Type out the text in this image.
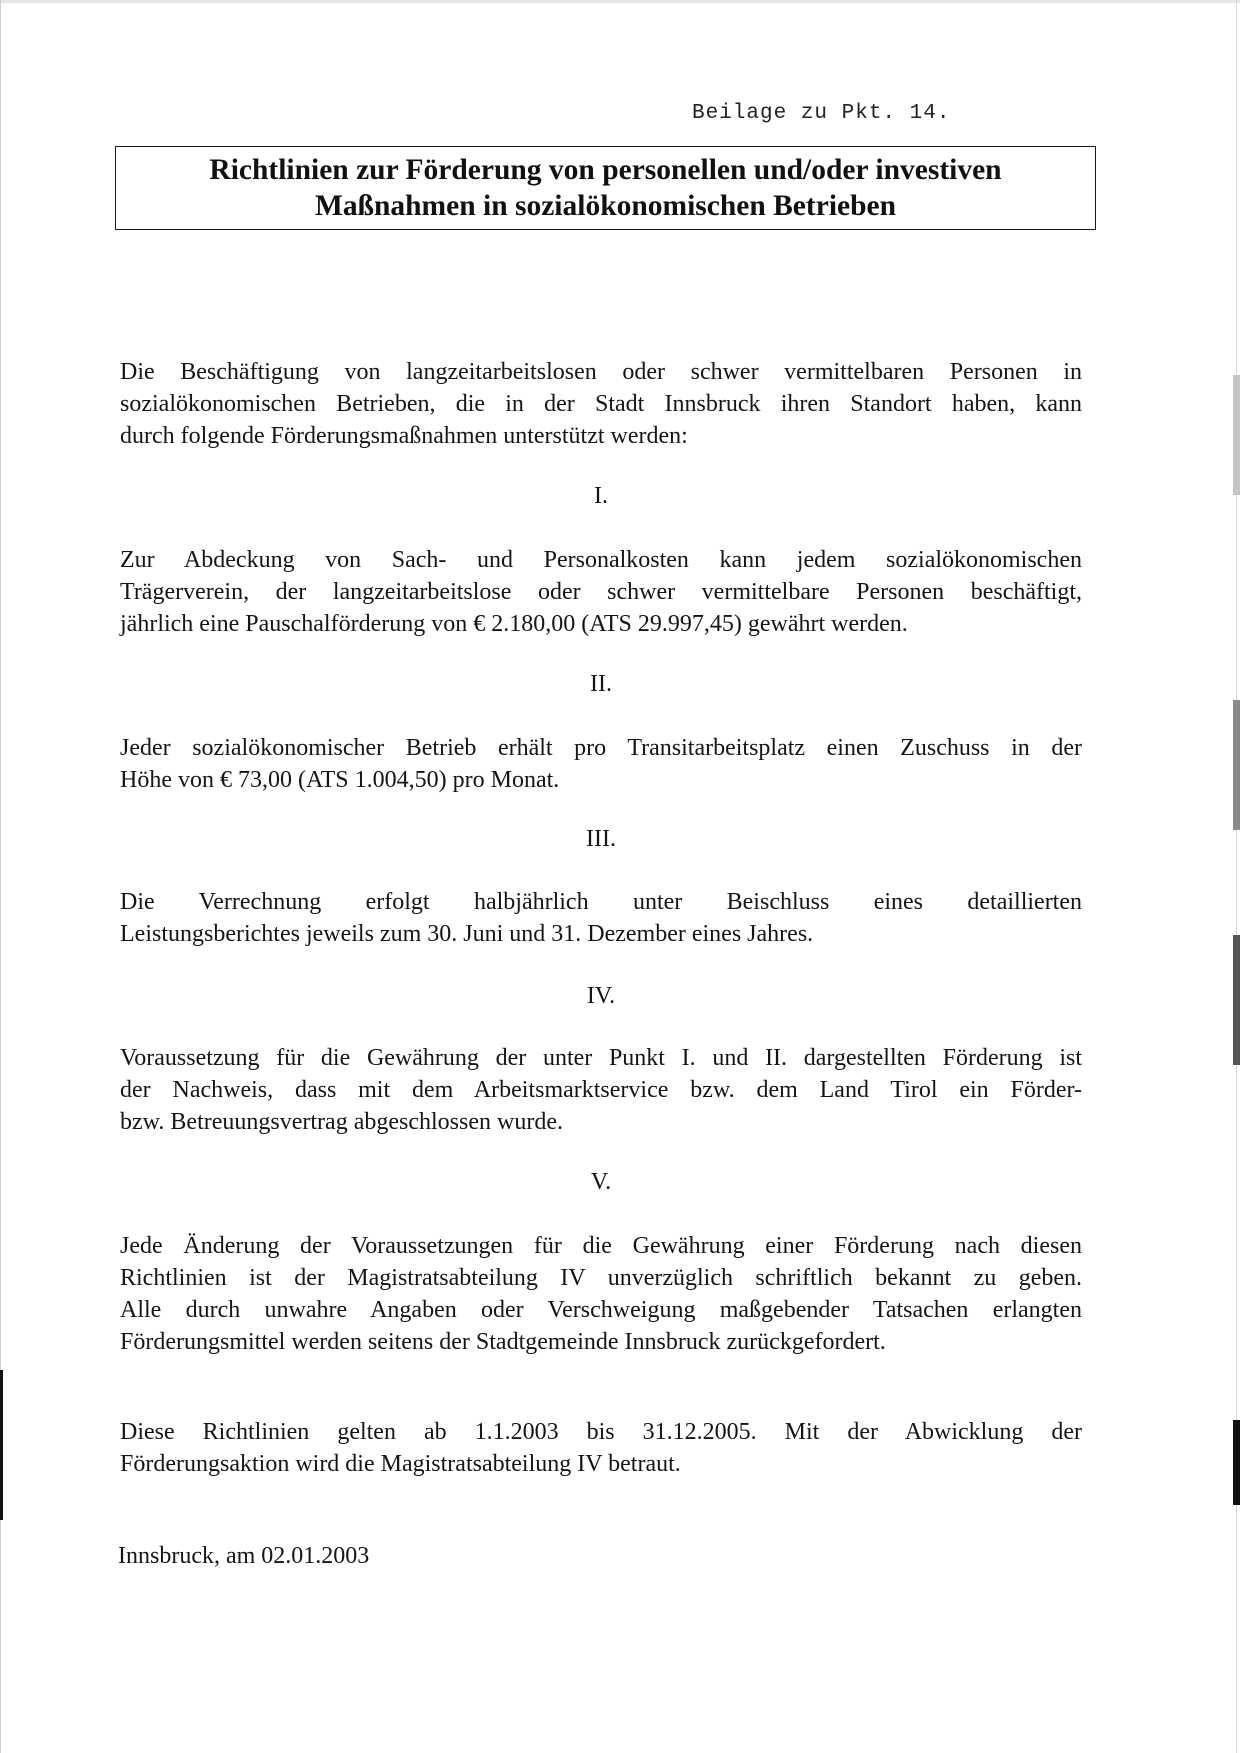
Beilage zu Pkt. 14.
Richtlinien zur Förderung von personellen und/oder investiven
Maßnahmen in sozialökonomischen Betrieben
Die Beschäftigung von langzeitarbeitslosen oder schwer vermittelbaren Personen in
sozialökonomischen Betrieben, die in der Stadt Innsbruck ihren Standort haben, kann
durch folgende Förderungsmaßnahmen unterstützt werden:
I.
Zur Abdeckung von Sach- und Personalkosten kann jedem sozialökonomischen
Trägerverein, der langzeitarbeitslose oder schwer vermittelbare Personen beschäftigt,
jährlich eine Pauschalförderung von € 2.180,00 (ATS 29.997,45) gewährt werden.
II.
Jeder sozialökonomischer Betrieb erhält pro Transitarbeitsplatz einen Zuschuss in der
Höhe von € 73,00 (ATS 1.004,50) pro Monat.
III.
Die Verrechnung erfolgt halbjährlich unter Beischluss eines detaillierten
Leistungsberichtes jeweils zum 30. Juni und 31. Dezember eines Jahres.
IV.
Voraussetzung für die Gewährung der unter Punkt I. und II. dargestellten Förderung ist
der Nachweis, dass mit dem Arbeitsmarktservice bzw. dem Land Tirol ein Förder-
bzw. Betreuungsvertrag abgeschlossen wurde.
V.
Jede Änderung der Voraussetzungen für die Gewährung einer Förderung nach diesen
Richtlinien ist der Magistratsabteilung IV unverzüglich schriftlich bekannt zu geben.
Alle durch unwahre Angaben oder Verschweigung maßgebender Tatsachen erlangten
Förderungsmittel werden seitens der Stadtgemeinde Innsbruck zurückgefordert.
Diese Richtlinien gelten ab 1.1.2003 bis 31.12.2005. Mit der Abwicklung der
Förderungsaktion wird die Magistratsabteilung IV betraut.
Innsbruck, am 02.01.2003
